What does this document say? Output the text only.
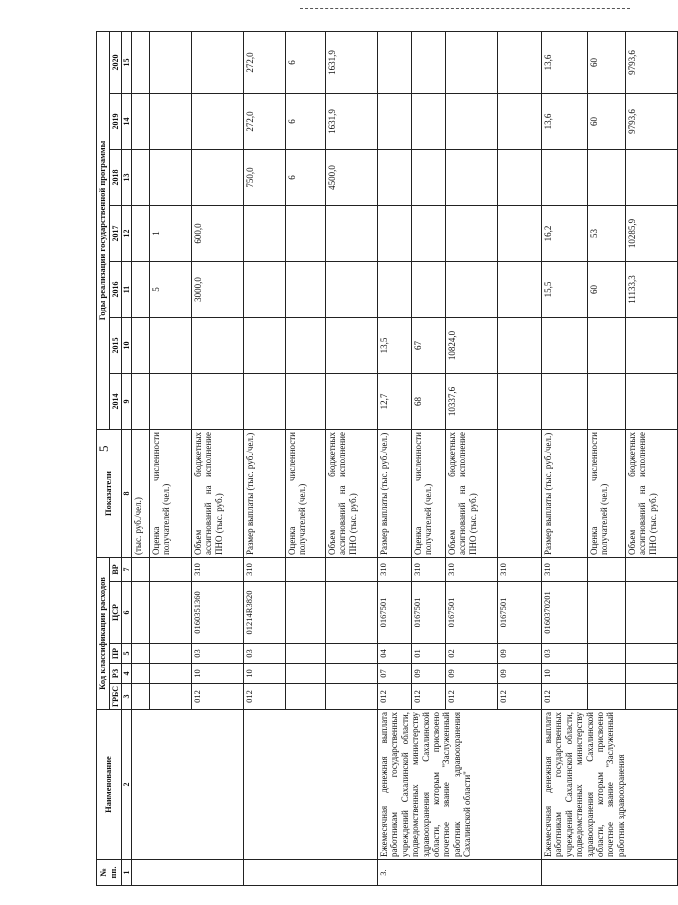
5
№ пп.	Наименование	Код классификации расходов					Показатели	Годы реализации государственной программы						
		ГРБС	РЗ	ПР	ЦСР	ВР		2014	2015	2016	2017	2018	2019	2020
1	2	3	4	5	6	7	8	9	10	11	12	13	14	15
							(тыс. руб./чел.)							
							Оценка численности получателей (чел.)			5	1			
		012	10	03	0160351360	310	Объем бюджетных ассигнований на исполнение ПНО (тыс. руб.)			3000,0	600,0			
		012	10	03	01214R3820	310	Размер выплаты (тыс. руб./чел.)					750,0	272,0	272,0
							Оценка численности получателей (чел.)					6	6	6
							Объем бюджетных ассигнований на исполнение ПНО (тыс. руб.)					4500,0	1631,9	1631,9
3.	Ежемесячная денежная выплата работникам государственных учреждений Сахалинской области, подведомственных министерству здравоохранения Сахалинской области, которым присвоено почетное звание "Заслуженный работник здравоохранения Сахалинской области"	012	07	04	0167501	310	Размер выплаты (тыс. руб./чел.)	12,7	13,5					
		012	09	01	0167501	310	Оценка численности получателей (чел.)	68	67					
		012	09	02	0167501	310	Объем бюджетных ассигнований на исполнение ПНО (тыс. руб.)	10337,6	10824,0					
		012	09	09	0167501	310								
	Ежемесячная денежная выплата работникам государственных учреждений Сахалинской области, подведомственных министерству здравоохранения Сахалинской области, которым присвоено почетное звание "Заслуженный работник здравоохранения	012	10	03	0160370201	310	Размер выплаты (тыс. руб./чел.)			15,5	16,2		13,6	13,6
							Оценка численности получателей (чел.)			60	53		60	60
							Объем бюджетных ассигнований на исполнение ПНО (тыс. руб.)			11133,3	10285,9		9793,6	9793,6
